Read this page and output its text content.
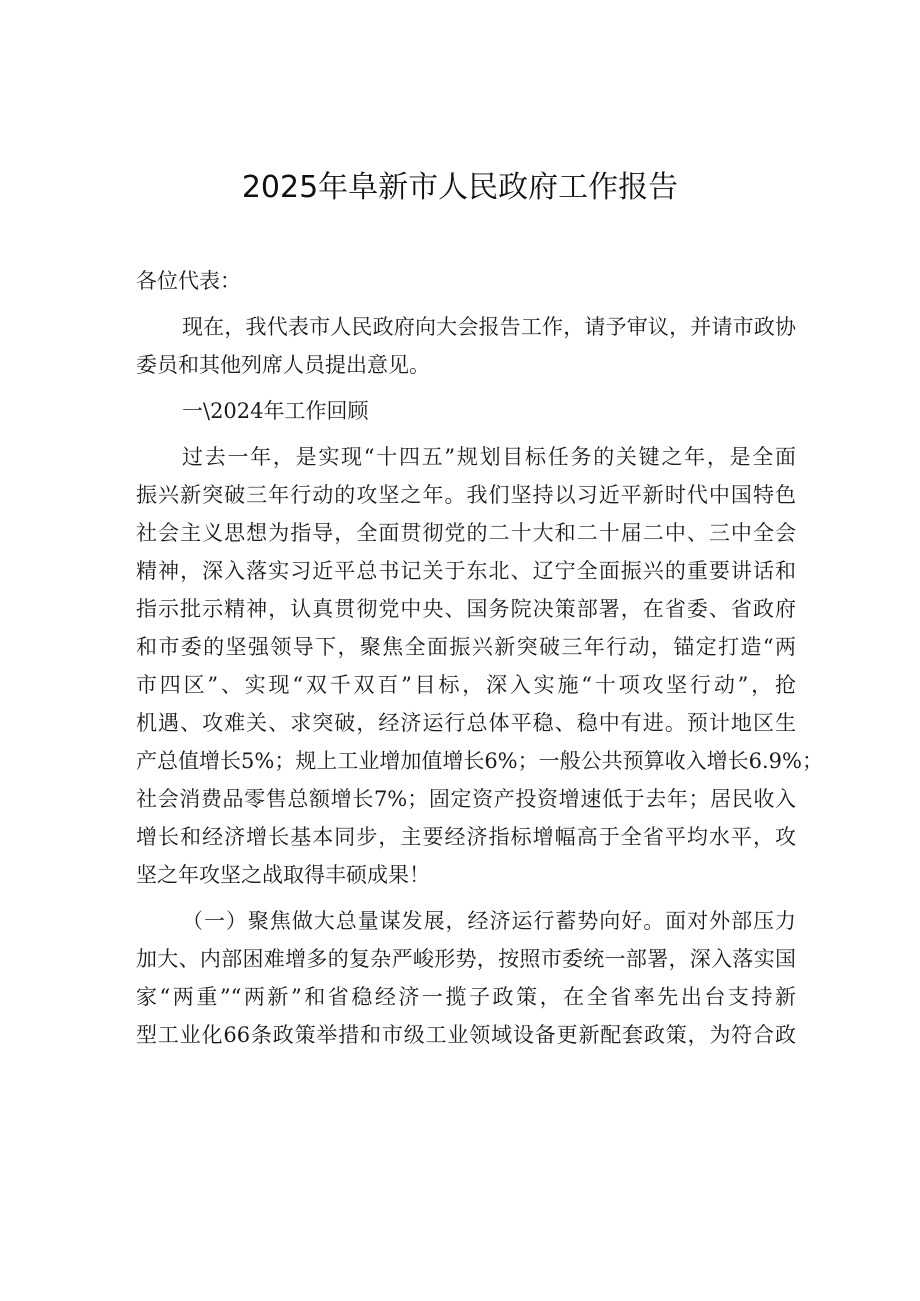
2025年阜新市人民政府工作报告
各位代表：
现在，我代表市人民政府向大会报告工作，请予审议，并请市政协
委员和其他列席人员提出意见。
一\2024年工作回顾
过去一年，是实现“十四五”规划目标任务的关键之年，是全面
振兴新突破三年行动的攻坚之年。我们坚持以习近平新时代中国特色
社会主义思想为指导，全面贯彻党的二十大和二十届二中、三中全会
精神，深入落实习近平总书记关于东北、辽宁全面振兴的重要讲话和
指示批示精神，认真贯彻党中央、国务院决策部署，在省委、省政府
和市委的坚强领导下，聚焦全面振兴新突破三年行动，锚定打造“两
市四区”、实现“双千双百”目标，深入实施“十项攻坚行动”，抢
机遇、攻难关、求突破，经济运行总体平稳、稳中有进。预计地区生
产总值增长5%；规上工业增加值增长6%；一般公共预算收入增长6.9%；
社会消费品零售总额增长7%；固定资产投资增速低于去年；居民收入
增长和经济增长基本同步，主要经济指标增幅高于全省平均水平，攻
坚之年攻坚之战取得丰硕成果！
（一）聚焦做大总量谋发展，经济运行蓄势向好。面对外部压力
加大、内部困难增多的复杂严峻形势，按照市委统一部署，深入落实国
家“两重”“两新”和省稳经济一揽子政策，在全省率先出台支持新
型工业化66条政策举措和市级工业领域设备更新配套政策，为符合政
